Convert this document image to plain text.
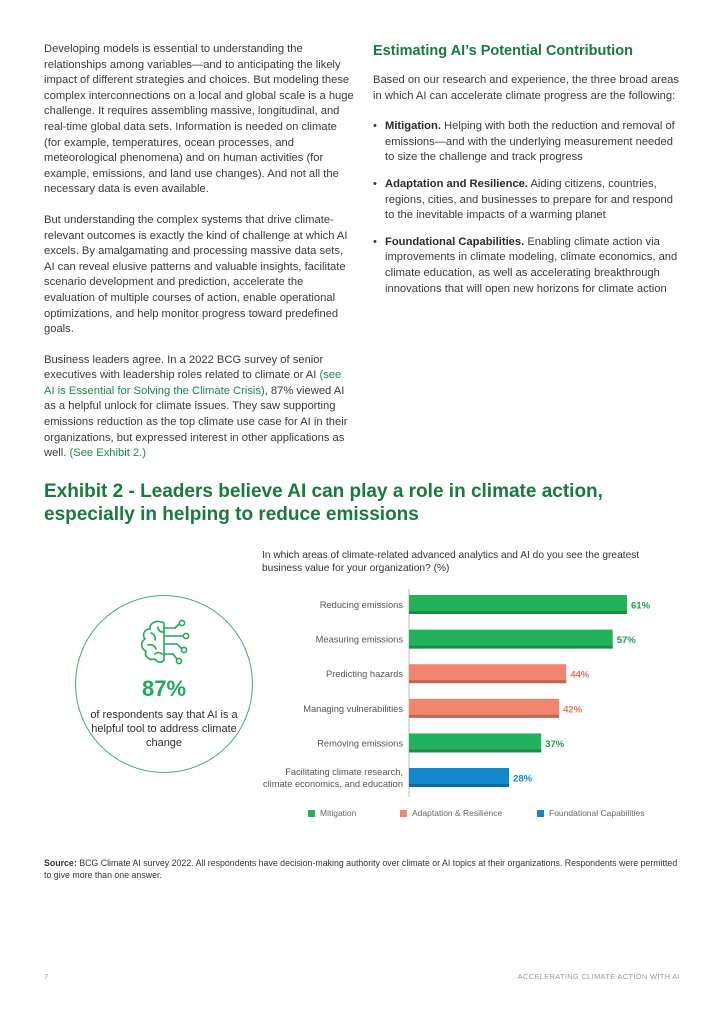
Developing models is essential to understanding the relationships among variables—and to anticipating the likely impact of different strategies and choices. But modeling these complex interconnections on a local and global scale is a huge challenge. It requires assembling massive, longitudinal, and real-time global data sets. Information is needed on climate (for example, temperatures, ocean processes, and meteorological phenomena) and on human activities (for example, emissions, and land use changes). And not all the necessary data is even available.

But understanding the complex systems that drive climate-relevant outcomes is exactly the kind of challenge at which AI excels. By amalgamating and processing massive data sets, AI can reveal elusive patterns and valuable insights, facilitate scenario development and prediction, accelerate the evaluation of multiple courses of action, enable operational optimizations, and help monitor progress toward predefined goals.

Business leaders agree. In a 2022 BCG survey of senior executives with leadership roles related to climate or AI (see AI is Essential for Solving the Climate Crisis), 87% viewed AI as a helpful unlock for climate issues. They saw supporting emissions reduction as the top climate use case for AI in their organizations, but expressed interest in other applications as well. (See Exhibit 2.)

Estimating AI’s Potential Contribution

Based on our research and experience, the three broad areas in which AI can accelerate climate progress are the following:

• Mitigation. Helping with both the reduction and removal of emissions—and with the underlying measurement needed to size the challenge and track progress
• Adaptation and Resilience. Aiding citizens, countries, regions, cities, and businesses to prepare for and respond to the inevitable impacts of a warming planet
• Foundational Capabilities. Enabling climate action via improvements in climate modeling, climate economics, and climate education, as well as accelerating breakthrough innovations that will open new horizons for climate action
Exhibit 2 - Leaders believe AI can play a role in climate action, especially in helping to reduce emissions
In which areas of climate-related advanced analytics and AI do you see the greatest business value for your organization? (%)
87%
of respondents say that AI is a helpful tool to address climate change
61%
Reducing emissions
57%
Measuring emissions
44%
Predicting hazards
42%
Managing vulnerabilities
37%
Removing emissions
28%
Facilitating climate research,
climate economics, and education
Mitigation	Adaptation & Resilience	Foundational Capabilities
Source: BCG Climate AI survey 2022. All respondents have decision-making authority over climate or AI topics at their organizations. Respondents were permitted to give more than one answer.
7	ACCELERATING CLIMATE ACTION WITH AI
